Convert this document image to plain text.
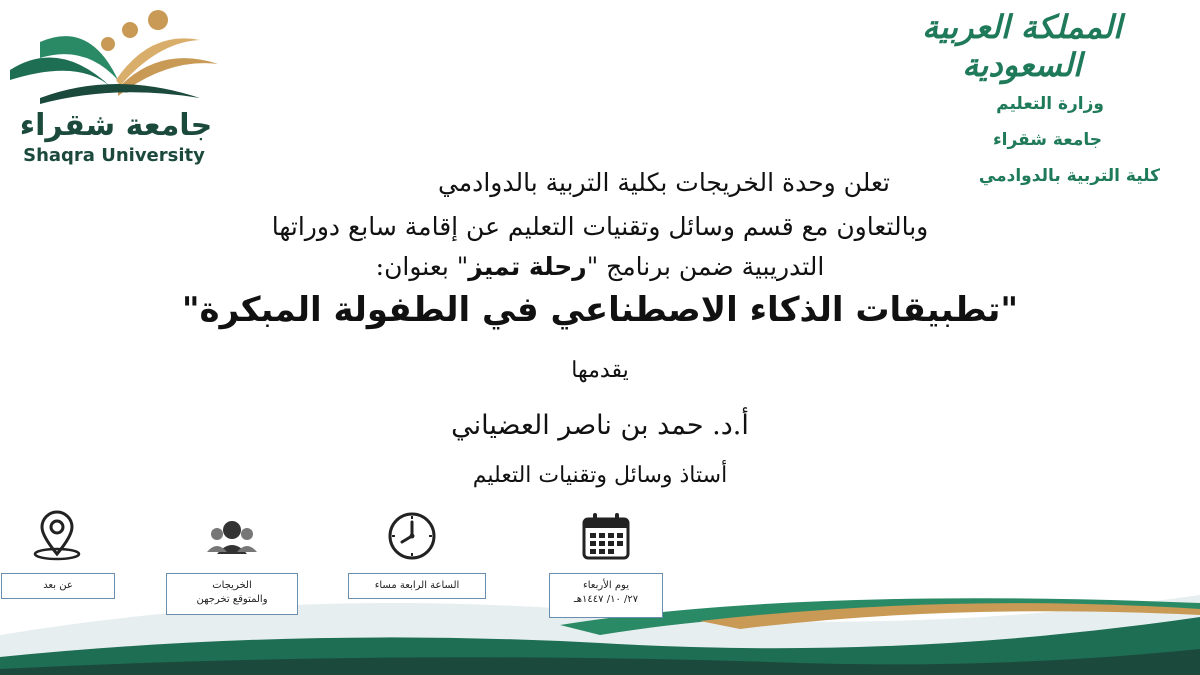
جامعة شقراء
Shaqra University
المملكة العربية السعودية
وزارة التعليم
جامعة شقراء
كلية التربية بالدوادمي
تعلن وحدة الخريجات بكلية التربية بالدوادمي
وبالتعاون مع قسم وسائل وتقنيات التعليم عن إقامة سابع دوراتها
التدريبية ضمن برنامج "رحلة تميز" بعنوان:
"تطبيقات الذكاء الاصطناعي في الطفولة المبكرة"
يقدمها
أ.د. حمد بن ناصر العضياني
أستاذ وسائل وتقنيات التعليم
يوم الأربعاء
٢٧/ ١٠/ ١٤٤٧هـ
الساعة الرابعة مساء
الخريجات
والمتوقع تخرجهن
عن بعد
